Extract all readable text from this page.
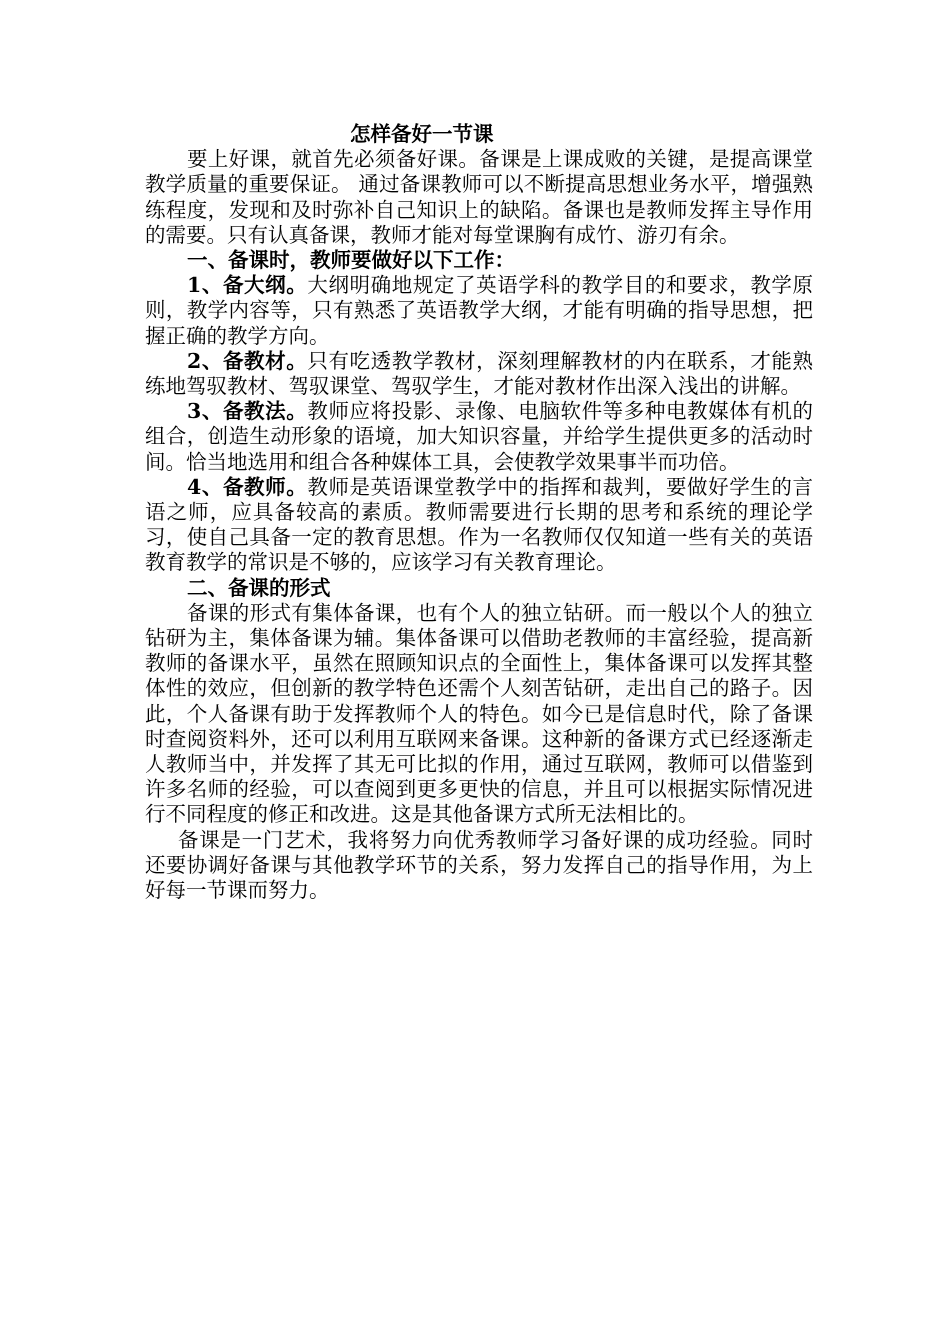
怎样备好一节课

要上好课，就首先必须备好课。备课是上课成败的关键，是提高课堂教学质量的重要保证。 通过备课教师可以不断提高思想业务水平，增强熟练程度，发现和及时弥补自己知识上的缺陷。备课也是教师发挥主导作用的需要。只有认真备课，教师才能对每堂课胸有成竹、游刃有余。

一、备课时，教师要做好以下工作：

1、备大纲。大纲明确地规定了英语学科的教学目的和要求，教学原则，教学内容等，只有熟悉了英语教学大纲，才能有明确的指导思想，把握正确的教学方向。

2、备教材。只有吃透教学教材，深刻理解教材的内在联系，才能熟练地驾驭教材、驾驭课堂、驾驭学生，才能对教材作出深入浅出的讲解。

3、备教法。教师应将投影、录像、电脑软件等多种电教媒体有机的组合，创造生动形象的语境，加大知识容量，并给学生提供更多的活动时间。恰当地选用和组合各种媒体工具，会使教学效果事半而功倍。

4、备教师。教师是英语课堂教学中的指挥和裁判，要做好学生的言语之师，应具备较高的素质。教师需要进行长期的思考和系统的理论学习，使自己具备一定的教育思想。作为一名教师仅仅知道一些有关的英语教育教学的常识是不够的，应该学习有关教育理论。

二、备课的形式

备课的形式有集体备课，也有个人的独立钻研。而一般以个人的独立钻研为主，集体备课为辅。集体备课可以借助老教师的丰富经验，提高新教师的备课水平，虽然在照顾知识点的全面性上，集体备课可以发挥其整体性的效应，但创新的教学特色还需个人刻苦钻研，走出自己的路子。因此，个人备课有助于发挥教师个人的特色。如今已是信息时代，除了备课时查阅资料外，还可以利用互联网来备课。这种新的备课方式已经逐渐走人教师当中，并发挥了其无可比拟的作用，通过互联网，教师可以借鉴到许多名师的经验，可以查阅到更多更快的信息，并且可以根据实际情况进行不同程度的修正和改进。这是其他备课方式所无法相比的。

备课是一门艺术，我将努力向优秀教师学习备好课的成功经验。同时还要协调好备课与其他教学环节的关系，努力发挥自己的指导作用，为上好每一节课而努力。
